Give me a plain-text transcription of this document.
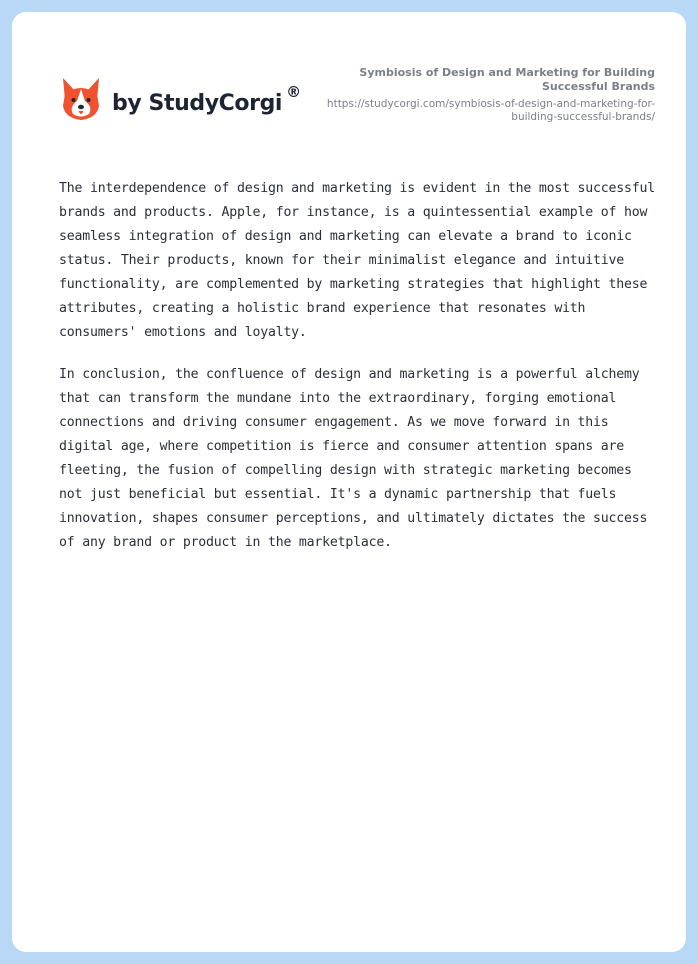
by StudyCorgi ®
Symbiosis of Design and Marketing for Building Successful Brands
https://studycorgi.com/symbiosis-of-design-and-marketing-for-building-successful-brands/

The interdependence of design and marketing is evident in the most successful brands and products. Apple, for instance, is a quintessential example of how seamless integration of design and marketing can elevate a brand to iconic status. Their products, known for their minimalist elegance and intuitive functionality, are complemented by marketing strategies that highlight these attributes, creating a holistic brand experience that resonates with consumers' emotions and loyalty.

In conclusion, the confluence of design and marketing is a powerful alchemy that can transform the mundane into the extraordinary, forging emotional connections and driving consumer engagement. As we move forward in this digital age, where competition is fierce and consumer attention spans are fleeting, the fusion of compelling design with strategic marketing becomes not just beneficial but essential. It's a dynamic partnership that fuels innovation, shapes consumer perceptions, and ultimately dictates the success of any brand or product in the marketplace.
